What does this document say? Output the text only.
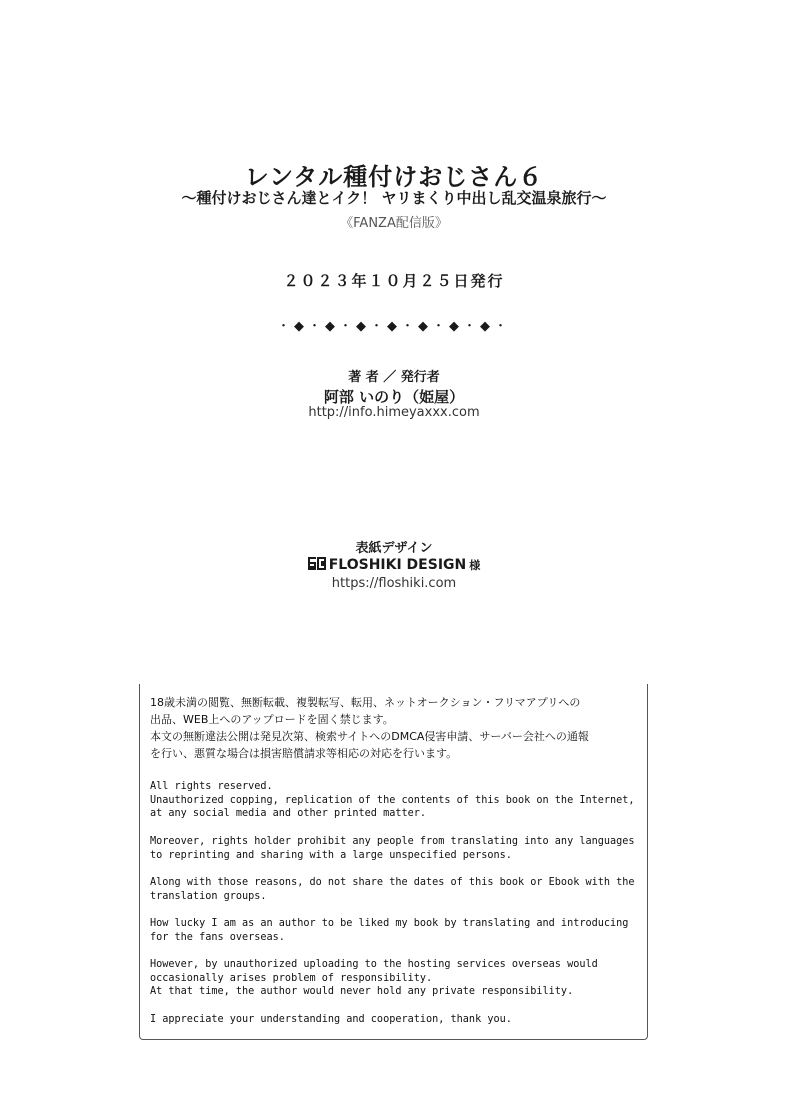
レンタル種付けおじさん６
～種付けおじさん達とイク！ ヤリまくり中出し乱交温泉旅行～
《FANZA配信版》
２０２３年１０月２５日発行
・◆・◆・◆・◆・◆・◆・◆・
著 者 ／ 発行者
阿部 いのり（姫屋）
http://info.himeyaxxx.com
表紙デザイン
FLOSHIKI DESIGN 様
https://floshiki.com
18歳未満の閲覧、無断転載、複製転写、転用、ネットオークション・フリマアプリへの
出品、WEB上へのアップロードを固く禁じます。
本文の無断違法公開は発見次第、検索サイトへのDMCA侵害申請、サーバー会社への通報
を行い、悪質な場合は損害賠償請求等相応の対応を行います。

All rights reserved.
Unauthorized copping, replication of the contents of this book on the Internet,
at any social media and other printed matter.

Moreover, rights holder prohibit any people from translating into any languages
to reprinting and sharing with a large unspecified persons.

Along with those reasons, do not share the dates of this book or Ebook with the
translation groups.

How lucky I am as an author to be liked my book by translating and introducing
for the fans overseas.

However, by unauthorized uploading to the hosting services overseas would
occasionally arises problem of responsibility.
At that time, the author would never hold any private responsibility.

I appreciate your understanding and cooperation, thank you.
